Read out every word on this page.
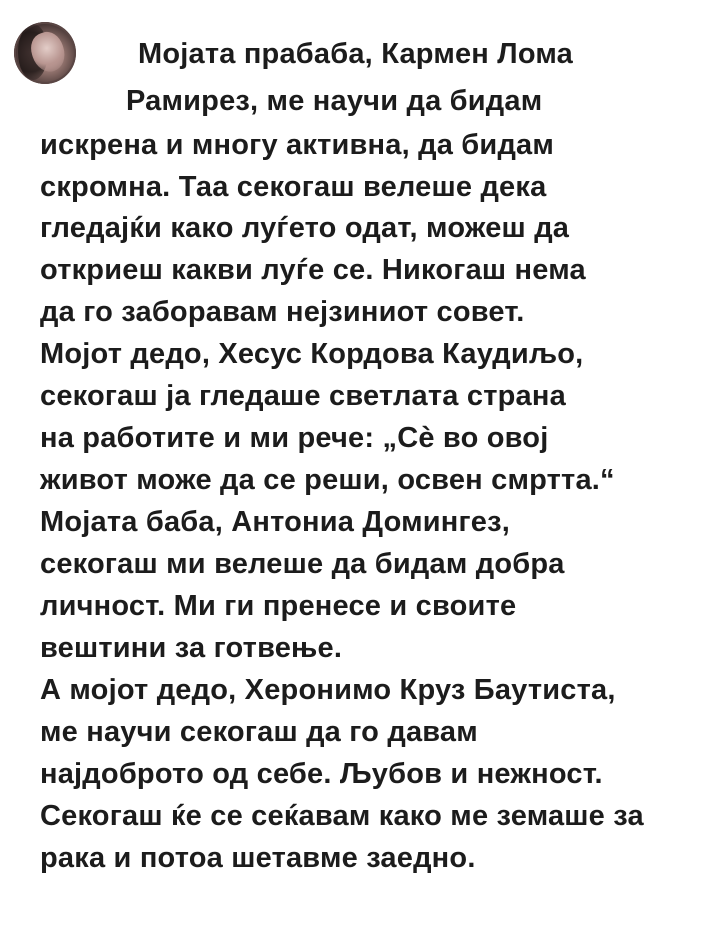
Мојата прабаба, Кармен Лома
Рамирез, ме научи да бидам
искрена и многу активна, да бидам
скромна. Таа секогаш велеше дека
гледајќи како луѓето одат, можеш да
откриеш какви луѓе се. Никогаш нема
да го заборавам нејзиниот совет.
Мојот дедо, Хесус Кордова Каудиљо,
секогаш ја гледаше светлата страна
на работите и ми рече: „Сè во овој
живот може да се реши, освен смртта.“
Мојата баба, Антониа Домингез,
секогаш ми велеше да бидам добра
личност. Ми ги пренесе и своите
вештини за готвење.
А мојот дедо, Херонимо Круз Баутиста,
ме научи секогаш да го давам
најдоброто од себе. Љубов и нежност.
Секогаш ќе се сеќавам како ме земаше за
рака и потоа шетавме заедно.
